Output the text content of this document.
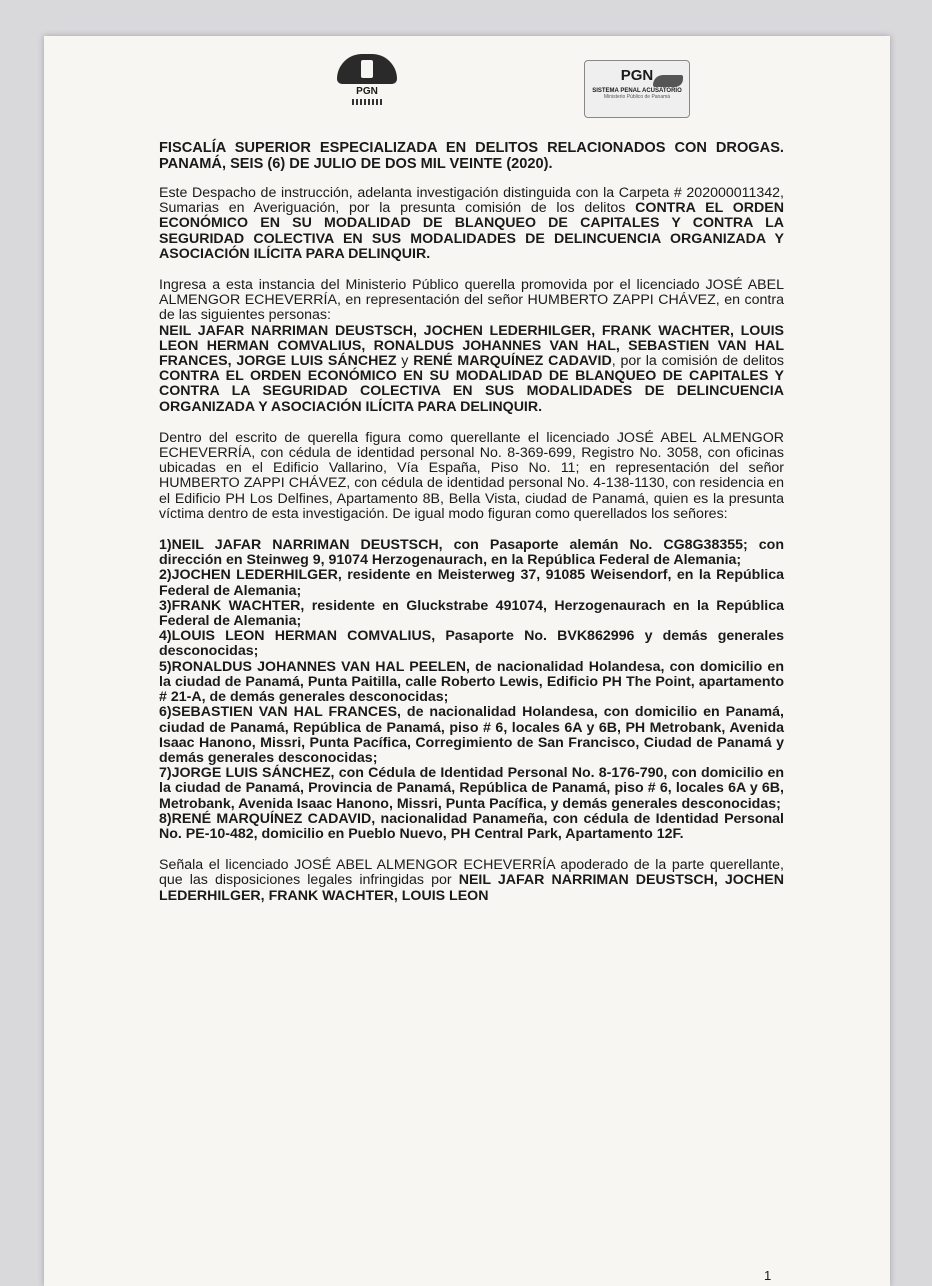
PGN
PGN
SISTEMA PENAL ACUSATORIO
Ministerio Público de Panamá

FISCALÍA SUPERIOR ESPECIALIZADA EN DELITOS RELACIONADOS CON DROGAS. PANAMÁ, SEIS (6) DE JULIO DE DOS MIL VEINTE (2020).

Este Despacho de instrucción, adelanta investigación distinguida con la Carpeta # 202000011342, Sumarias en Averiguación, por la presunta comisión de los delitos CONTRA EL ORDEN ECONÓMICO EN SU MODALIDAD DE BLANQUEO DE CAPITALES Y CONTRA LA SEGURIDAD COLECTIVA EN SUS MODALIDADES DE DELINCUENCIA ORGANIZADA Y ASOCIACIÓN ILÍCITA PARA DELINQUIR.

Ingresa a esta instancia del Ministerio Público querella promovida por el licenciado JOSÉ ABEL ALMENGOR ECHEVERRÍA, en representación del señor HUMBERTO ZAPPI CHÁVEZ, en contra de las siguientes personas:
NEIL JAFAR NARRIMAN DEUSTSCH, JOCHEN LEDERHILGER, FRANK WACHTER, LOUIS LEON HERMAN COMVALIUS, RONALDUS JOHANNES VAN HAL, SEBASTIEN VAN HAL FRANCES, JORGE LUIS SÁNCHEZ y RENÉ MARQUÍNEZ CADAVID, por la comisión de delitos CONTRA EL ORDEN ECONÓMICO EN SU MODALIDAD DE BLANQUEO DE CAPITALES Y CONTRA LA SEGURIDAD COLECTIVA EN SUS MODALIDADES DE DELINCUENCIA ORGANIZADA Y ASOCIACIÓN ILÍCITA PARA DELINQUIR.

Dentro del escrito de querella figura como querellante el licenciado JOSÉ ABEL ALMENGOR ECHEVERRÍA, con cédula de identidad personal No. 8-369-699, Registro No. 3058, con oficinas ubicadas en el Edificio Vallarino, Vía España, Piso No. 11; en representación del señor HUMBERTO ZAPPI CHÁVEZ, con cédula de identidad personal No. 4-138-1130, con residencia en el Edificio PH Los Delfines, Apartamento 8B, Bella Vista, ciudad de Panamá, quien es la presunta víctima dentro de esta investigación. De igual modo figuran como querellados los señores:

1)NEIL JAFAR NARRIMAN DEUSTSCH, con Pasaporte alemán No. CG8G38355; con dirección en Steinweg 9, 91074 Herzogenaurach, en la República Federal de Alemania;

2)JOCHEN LEDERHILGER, residente en Meisterweg 37, 91085 Weisendorf, en la República Federal de Alemania;

3)FRANK WACHTER, residente en Gluckstrabe 491074, Herzogenaurach en la República Federal de Alemania;

4)LOUIS LEON HERMAN COMVALIUS, Pasaporte No. BVK862996 y demás generales desconocidas;

5)RONALDUS JOHANNES VAN HAL PEELEN, de nacionalidad Holandesa, con domicilio en la ciudad de Panamá, Punta Paitilla, calle Roberto Lewis, Edificio PH The Point, apartamento # 21-A, de demás generales desconocidas;

6)SEBASTIEN VAN HAL FRANCES, de nacionalidad Holandesa, con domicilio en Panamá, ciudad de Panamá, República de Panamá, piso # 6, locales 6A y 6B, PH Metrobank, Avenida Isaac Hanono, Missri, Punta Pacífica, Corregimiento de San Francisco, Ciudad de Panamá y demás generales desconocidas;

7)JORGE LUIS SÁNCHEZ, con Cédula de Identidad Personal No. 8-176-790, con domicilio en la ciudad de Panamá, Provincia de Panamá, República de Panamá, piso # 6, locales 6A y 6B, Metrobank, Avenida Isaac Hanono, Missri, Punta Pacífica, y demás generales desconocidas;

8)RENÉ MARQUÍNEZ CADAVID, nacionalidad Panameña, con cédula de Identidad Personal No. PE-10-482, domicilio en Pueblo Nuevo, PH Central Park, Apartamento 12F.

Señala el licenciado JOSÉ ABEL ALMENGOR ECHEVERRÍA apoderado de la parte querellante, que las disposiciones legales infringidas por NEIL JAFAR NARRIMAN DEUSTSCH, JOCHEN LEDERHILGER, FRANK WACHTER, LOUIS LEON

1
